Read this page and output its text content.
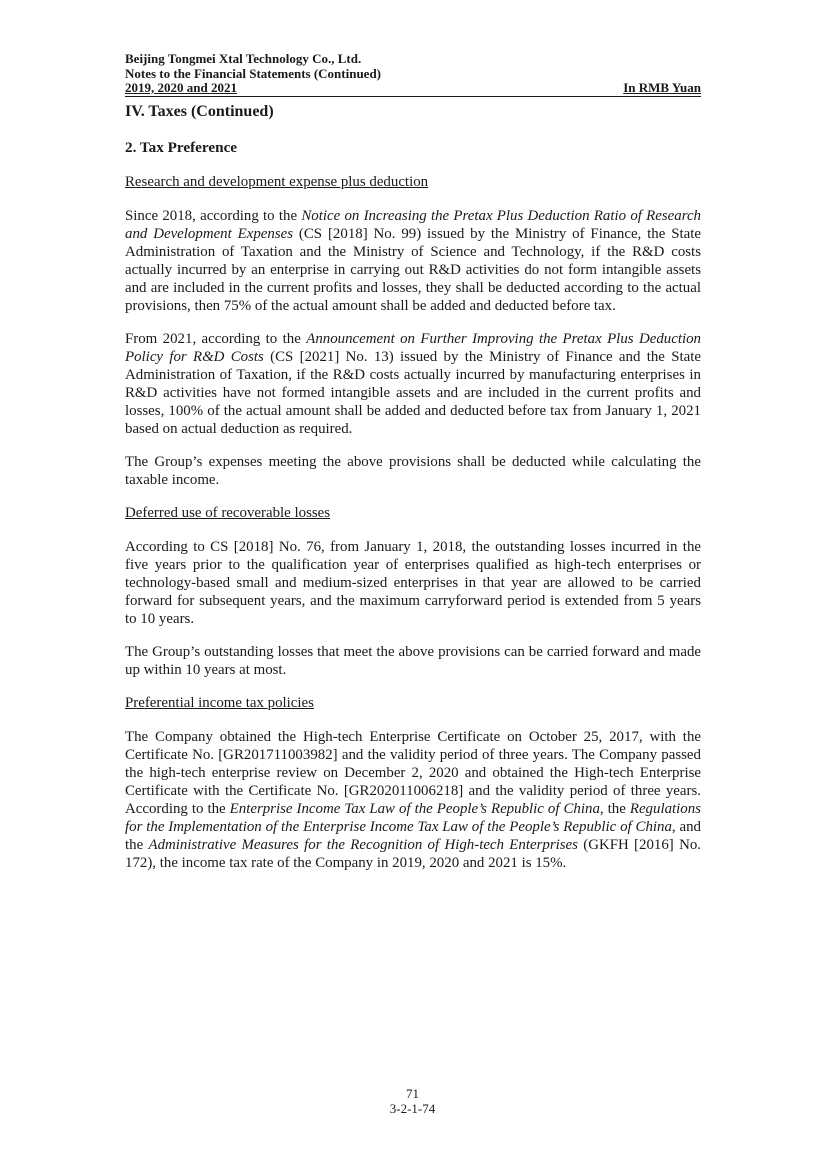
Beijing Tongmei Xtal Technology Co., Ltd.
Notes to the Financial Statements (Continued)
2019, 2020 and 2021	In RMB Yuan
IV. Taxes (Continued)
2. Tax Preference
Research and development expense plus deduction

Since 2018, according to the Notice on Increasing the Pretax Plus Deduction Ratio of Research and Development Expenses (CS [2018] No. 99) issued by the Ministry of Finance, the State Administration of Taxation and the Ministry of Science and Technology, if the R&D costs actually incurred by an enterprise in carrying out R&D activities do not form intangible assets and are included in the current profits and losses, they shall be deducted according to the actual provisions, then 75% of the actual amount shall be added and deducted before tax.

From 2021, according to the Announcement on Further Improving the Pretax Plus Deduction Policy for R&D Costs (CS [2021] No. 13) issued by the Ministry of Finance and the State Administration of Taxation, if the R&D costs actually incurred by manufacturing enterprises in R&D activities have not formed intangible assets and are included in the current profits and losses, 100% of the actual amount shall be added and deducted before tax from January 1, 2021 based on actual deduction as required.

The Group’s expenses meeting the above provisions shall be deducted while calculating the taxable income.

Deferred use of recoverable losses

According to CS [2018] No. 76, from January 1, 2018, the outstanding losses incurred in the five years prior to the qualification year of enterprises qualified as high-tech enterprises or technology-based small and medium-sized enterprises in that year are allowed to be carried forward for subsequent years, and the maximum carryforward period is extended from 5 years to 10 years.

The Group’s outstanding losses that meet the above provisions can be carried forward and made up within 10 years at most.

Preferential income tax policies

The Company obtained the High-tech Enterprise Certificate on October 25, 2017, with the Certificate No. [GR201711003982] and the validity period of three years. The Company passed the high-tech enterprise review on December 2, 2020 and obtained the High-tech Enterprise Certificate with the Certificate No. [GR202011006218] and the validity period of three years. According to the Enterprise Income Tax Law of the People’s Republic of China, the Regulations for the Implementation of the Enterprise Income Tax Law of the People’s Republic of China, and the Administrative Measures for the Recognition of High-tech Enterprises (GKFH [2016] No. 172), the income tax rate of the Company in 2019, 2020 and 2021 is 15%.

71
3-2-1-74
